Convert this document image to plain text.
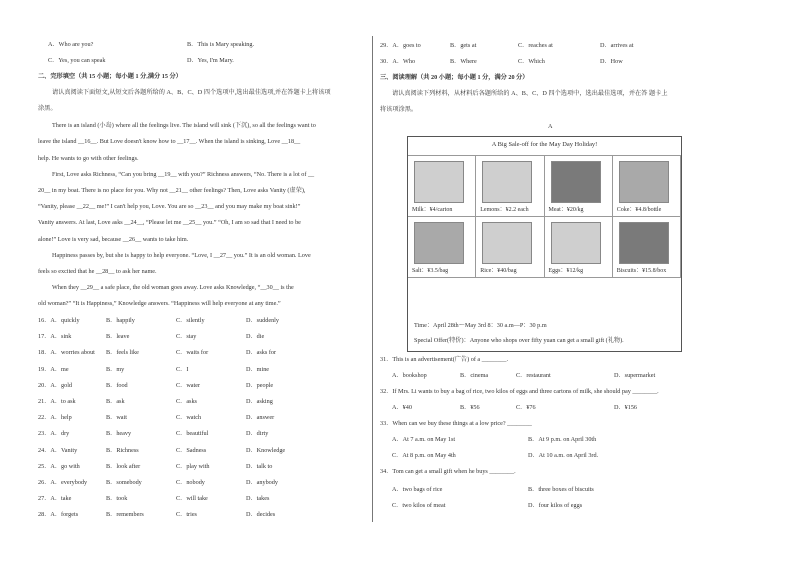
A．Who are you?	B．This is Mary speaking.
C．Yes, you can speak	D．Yes, I'm Mary.
二、完形填空（共 15 小题；每小题 1 分,满分 15 分）
请认真阅读下面短文,从短文后各题所给的 A、B、C、D 四个选项中,选出最佳选项,并在答题卡上将该项
涂黑。
There is an island (小岛) where all the feelings live. The island will sink (下沉), so all the feelings want to
leave the island __16__. But Love doesn't know how to __17__. When the island is sinking, Love __18__
help. He wants to go with other feelings.
First, Love asks Richness, “Can you bring __19__ with you?” Richness answers, “No. There is a lot of __
20__ in my boat. There is no place for you. Why not __21__ other feelings? Then, Love asks Vanity (虚荣),
“Vanity, please __22__ me!” I can't help you, Love. You are so __23__ and you may make my boat sink!”
Vanity answers. At last, Love asks __24__, “Please let me __25__ you.” “Oh, I am so sad that I need to be
alone!” Love is very sad, because __26__ wants to take him.
Happiness passes by, but she is happy to help everyone. “Love, I __27__ you.” It is an old woman. Love
feels so excited that he __28__ to ask her name.
When they __29__ a safe place, the old woman goes away. Love asks Knowledge, “__30__ is the
old woman?” “It is Happiness,” Knowledge answers. “Happiness will help everyone at any time.”
16．A．quickly	B．happily	C．silently	D．suddenly
17．A．sink	B．leave	C．stay	D．die
18．A．worries about B．feels like	C．waits for	D．asks for
19．A．me	B．my	C．I	D．mine
20．A．gold	B．food	C．water	D．people
21．A．to ask	B．ask	C．asks	D．asking
22．A．help	B．wait	C．watch	D．answer
23．A．dry	B．heavy	C．beautiful	D．dirty
24．A．Vanity	B．Richness	C．Sadness	D．Knowledge
25．A．go with	B．look after	C．play with	D．talk to
26．A．everybody	B．somebody	C．nobody	D．anybody
27．A．take	B．took	C．will take	D．takes
28．A．forgets	B．remembers	C．tries	D．decides
29．A．goes to	B．gets at	C．reaches at	D．arrives at
30．A．Who	B．Where	C．Which	D．How
三、阅读理解（共 20 小题；每小题 1 分，满分 20 分）
请认真阅读下列材料，从材料后各题所给的 A、B、C、D 四个选项中，选出最佳选项，并在答 题卡上
将该项涂黑。
A
A Big Sale-off for the May Day Holiday!
Milk：¥4/carton	Lemons：¥2.2 each	Meat：¥20/kg	Coke：¥4.8/bottle
Salt：¥3.5/bag	Rice：¥40/bag	Eggs：¥12/kg	Biscuits：¥15.8/box
Time：April 28th～May 3rd 8：30 a.m—P：30 p.m
Special Offer(特价)：Anyone who shops over fifty yuan can get a small gift (礼物).
31．This is an advertisement(广告) of a ________.
A．bookshop	B．cinema	C．restaurant	D．supermarket
32．If Mrs. Li wants to buy a bag of rice, two kilos of eggs and three cartons of milk, she should pay ________.
A．¥40	B．¥56	C．¥76	D．¥156
33．When can we buy these things at a low price? ________
A．At 7 a.m. on May 1st	B．At 9 p.m. on April 30th
C．At 8 p.m. on May 4th	D．At 10 a.m. on April 3rd.
34．Tom can get a small gift when he buys ________.
A．two bags of rice	B．three boxes of biscuits
C．two kilos of meat	D．four kilos of eggs
